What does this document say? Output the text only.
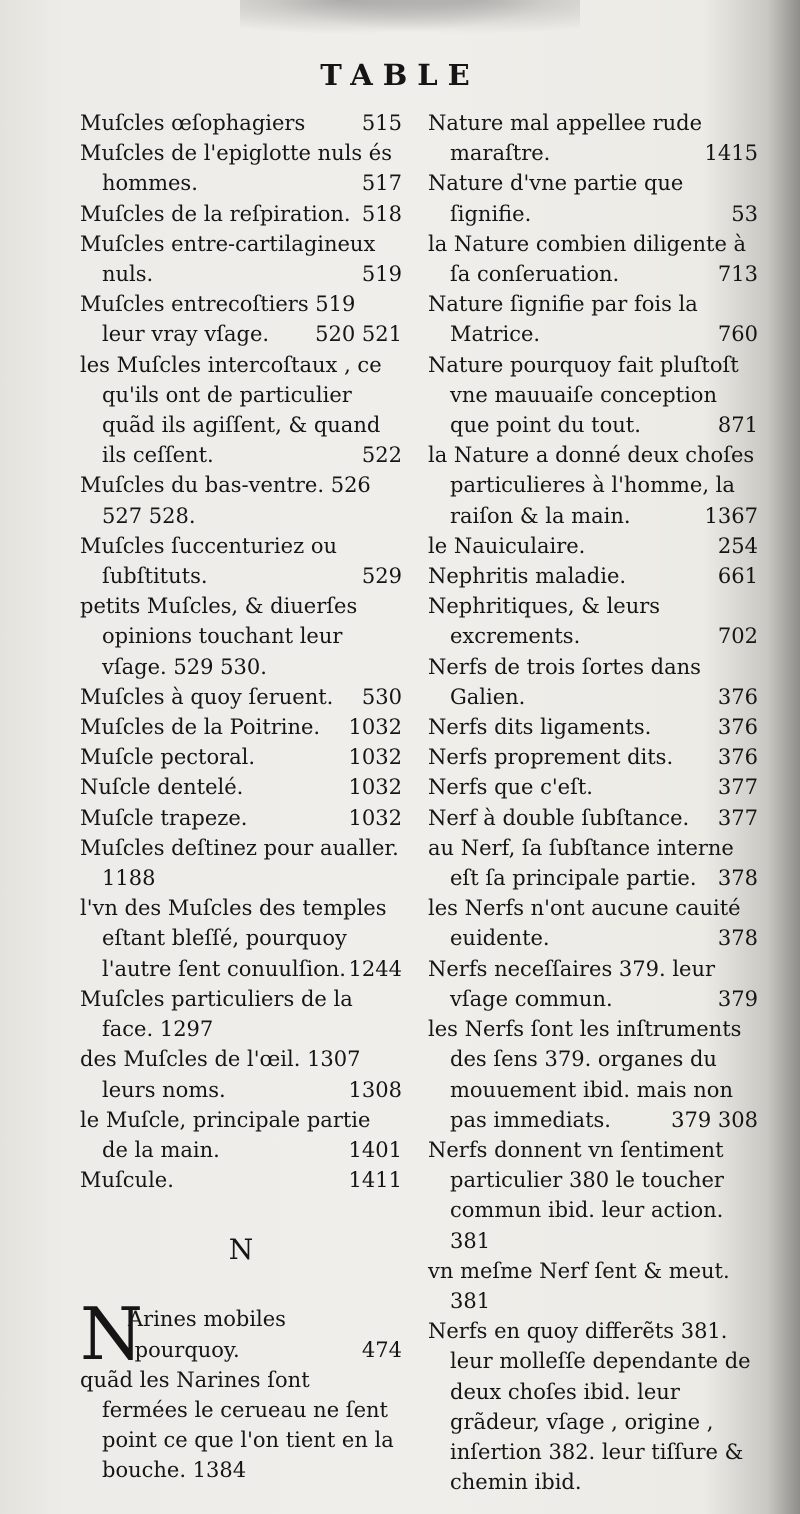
TABLE
Muſcles œſophagiers	515
Muſcles de l'epiglotte nuls és hommes.	517
Muſcles de la reſpiration. 518
Muſcles entre-cartilagineux nuls.	519
Muſcles entrecoſtiers 519 leur vray vſage. 520 521
les Muſcles intercoſtaux , ce qu'ils ont de particulier quãd ils agiſſent, & quand ils ceſſent.	522
Muſcles du bas-ventre. 526 527 528.
Muſcles ſuccenturiez ou ſubſtituts.	529
petits Muſcles, & diuerſes opinions touchant leur vſage. 529 530.
Muſcles à quoy ſeruent. 530
Muſcles de la Poitrine. 1032
Muſcle pectoral.	1032
Nuſcle dentelé.	1032
Muſcle trapeze.	1032
Muſcles deſtinez pour aualler. 1188
l'vn des Muſcles des temples eſtant bleſſé, pourquoy l'autre ſent conuulſion. 1244
Muſcles particuliers de la face. 1297
des Muſcles de l'œil. 1307 leurs noms.	1308
le Muſcle, principale partie de la main.	1401
Muſcule.	1411
N
N
Arines mobiles ,pourquoy.	474
quãd les Narines ſont fermées le cerueau ne ſent point ce que l'on tient en la bouche. 1384
Nature mal appellee rude maraſtre.	1415
Nature d'vne partie que ſignifie.	53
la Nature combien diligente à ſa conſeruation.	713
Nature ſignifie par fois la Matrice.	760
Nature pourquoy fait pluſtoſt vne mauuaiſe conception que point du tout.	871
la Nature a donné deux choſes particulieres à l'homme, la raiſon & la main.	1367
le Nauiculaire.	254
Nephritis maladie.	661
Nephritiques, & leurs excrements.	702
Nerfs de trois ſortes dans Galien.	376
Nerfs dits ligaments.	376
Nerfs proprement dits. 376
Nerfs que c'eſt.	377
Nerf à double ſubſtance. 377
au Nerf, ſa ſubſtance interne eſt ſa principale partie. 378
les Nerfs n'ont aucune cauité euidente.	378
Nerfs neceſſaires 379. leur vſage commun.	379
les Nerfs ſont les inſtruments des ſens 379. organes du mouuement ibid. mais non pas immediats.	379 308
Nerfs donnent vn ſentiment particulier 380 le toucher commun ibid. leur action. 381
vn meſme Nerf ſent & meut. 381
Nerfs en quoy differẽts 381. leur molleſſe dependante de deux choſes ibid. leur grãdeur, vſage , origine , inſertion 382. leur tiſſure & chemin ibid.
